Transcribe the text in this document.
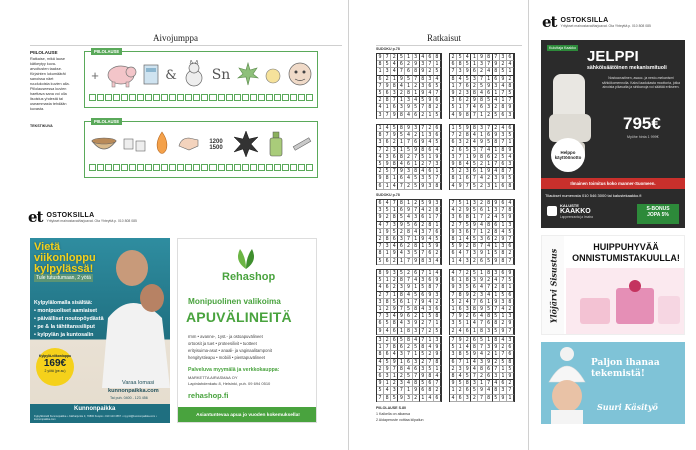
Aivojumppa
PIILOLAUSE
Ratkaise, mikä lause kätkeytyy kuva-arvoitusten taakse. Kirjainten lukumäärät sanoissa näet ruudukoista kuvien alla. Piilolauseessa kuvien haettava sana voi olla lisoistus yhdestä tai useammasta tehdään kuvasta.
TEKSTIKUVA
PIILOLAUSE
+	& Sn
PIILOLAUSE
1200
1500
et OSTOKSILLA
Yritykset mainostavat/tarjoavat. Ota Yhteyttä p. 010 808 085
Vietä viikonloppu kylpylässä!
Tule tutustumaan, 2 yötä
Kylpylälomalla sisältää:
• monipuoliset aamiaiset
• päivälliset noutopöydästä
• pe & la tähtitanssiliput
• kylpylän ja kuntosalin
Kylpylä-viikonloppu
169€
2 yötä (pe-su)
Varaa lomasi
kunnonpaikka.com
Tai puh. 0400 - 123 456
Kunnonpaikka
Kylpylähotelli Kunnonpaikka • Jokiharjuntie 3, 70800 Kuopio • 010 123 4567 • myynti@kunnonpaikka.com • kunnonpaikka.com
Rehashop
Monipuolinen valikoima
APUVÄLINEITÄ
rmm • avanne-, 1yst.- ja ostoapuvälineet
ortoosit ja tuet • proteesilivit • tuotteet
erityisuima-asut • anaali- ja vaginaalitamponit
hengitystieapu • mobiili • pientapuvälineet
Palveluva myymälä ja verkkokauppa:
MARKETTA AIRASMAA OY
Lapinlahdenkatu 8, Helsinki, puh. 09 694 0510
rehashop.fi
Asiantuntevaa apua jo vuoden kokemuksella!
Ratkaisut
SUDOKU p.78
SUDOKU p.78
9 7 2 5 1 3 4 6 8
8 5 4 6 2 9 3 7 1
1 3 4 7 6 8 9 2 5
6 2 1 9 5 7 8 3 4
7 9 8 4 1 2 3 6 5
5 6 3 2 8 1 9 4 7
2 8 7 1 3 4 5 9 6
4 1 6 3 9 5 7 8 2
3 7 9 8 4 6 2 1 5
2 5 4 1 9 8 7 3 6
6 8 5 1 3 7 9 2 4
7 3 9 6 2 4 8 5 1
8 4 5 3 7 1 6 9 2
1 7 6 2 5 9 3 4 8
9 2 3 8 4 6 1 7 5
3 6 2 9 8 5 4 1 7
5 1 7 4 6 3 2 8 9
4 9 8 7 1 2 5 6 3
1 4 5 8 9 3 7 2 6
8 7 9 5 4 2 1 3 6
3 6 2 1 7 6 9 4 5
7 2 3 1 5 9 8 6 4
4 3 6 8 2 7 5 1 9
5 9 8 4 6 1 2 7 3
2 5 7 9 3 8 4 6 1
9 8 1 6 4 5 3 5 7
6 1 4 7 2 5 9 3 8
1 5 9 8 3 7 2 4 6
7 2 8 4 1 6 9 3 5
6 3 2 4 9 5 8 7 1
2 6 5 3 7 4 1 8 9
3 7 1 9 8 6 2 5 4
9 8 4 5 2 1 7 6 3
5 2 3 6 1 9 4 8 7
8 1 6 7 4 2 3 9 5
4 9 7 5 2 3 1 6 8
6 4 7 8 1 2 5 9 3
3 5 1 6 9 7 4 2 8
9 2 8 5 4 3 6 1 7
4 7 3 9 5 6 2 8 1
1 9 5 2 8 4 3 7 6
2 8 6 3 7 1 9 4 5
7 3 4 6 2 8 1 5 9
8 1 9 4 3 5 7 6 2
5 6 2 1 7 9 8 3 4
7 5 1 3 2 8 9 6 4
4 2 9 5 6 1 3 7 8
3 6 8 1 7 2 4 5 9
2 7 5 9 4 8 6 1 3
9 3 6 7 1 2 8 4 5
8 1 4 5 3 6 2 9 7
5 9 2 8 7 4 1 3 6
6 4 7 3 9 1 5 8 2
1 4 3 2 6 5 9 8 7
8 9 3 5 2 6 7 1 4
5 1 2 8 7 4 3 6 9
4 6 2 3 9 1 5 8 7
2 7 1 8 4 5 6 9 3
3 8 5 6 1 7 9 4 2
1 2 9 7 5 8 4 3 6
7 3 4 9 6 2 1 5 8
6 5 8 4 3 9 2 7 1
9 4 6 1 8 3 7 2 5
4 7 2 5 1 8 3 6 9
6 1 8 3 9 2 4 7 5
9 3 5 6 4 7 2 8 1
7 8 9 2 3 4 1 5 6
5 2 4 7 6 1 9 3 8
1 6 3 8 9 5 7 4 2
7 9 2 6 4 8 5 1 3
3 5 1 4 7 6 8 2 9
2 4 6 1 8 3 5 9 7
3 2 6 5 8 4 7 1 3
1 7 8 6 2 5 8 4 9
8 6 4 3 7 1 5 2 9
4 5 9 1 6 3 2 7 8
2 9 7 8 4 6 3 5 1
6 3 1 2 5 7 9 8 4
9 1 2 3 4 8 5 6 7
5 4 3 7 1 9 6 8 2
7 8 5 9 3 2 1 4 6
7 9 2 6 5 1 8 4 3
5 1 4 8 7 3 9 2 6
3 8 5 9 4 2 1 7 6
6 7 1 4 3 9 2 5 8
2 3 9 4 8 6 7 1 5
8 4 5 7 2 6 3 1 9
9 5 8 3 1 7 4 6 2
1 2 6 5 9 4 8 3 7
4 6 3 2 7 8 5 9 1
PIILOLAUSE S.80
1 Kaikella on aikansa
2 Aidaperuste voittaa kilpailun
et OSTOKSILLA
Yritykset mainostavat/tarjoavat. Ota Yhteyttä p. 010 808 085
Kuluttaja Kaakko JELPPI
sähköisäätöinen mekanismituoli
Nostoavustinen, asauc- ja nesto-mekanismi sähkökomennolla. Kaksi laadukasta moottoria, jotka ainoista pikavalta ja sirkkanoja voi säätää erikseen.
795€
Myöhe hinta 1 999€
Helppo käyttöönotto
Ilmainen toimitus koko manner-Suomeen.
Tilaukset numerosta 010 546 3000 tai kalustekaakko.fi
KALUSTE
KAAKKO
Lappeenranta ja Imatra
S-BONUS
JOPA 5%
Ylöjärvi Sisustus
HUIPPUHYVÄÄ ONNISTUMISTAKUULLA!
Paljon ihanaa tekemistä!
Suuri Käsityö
